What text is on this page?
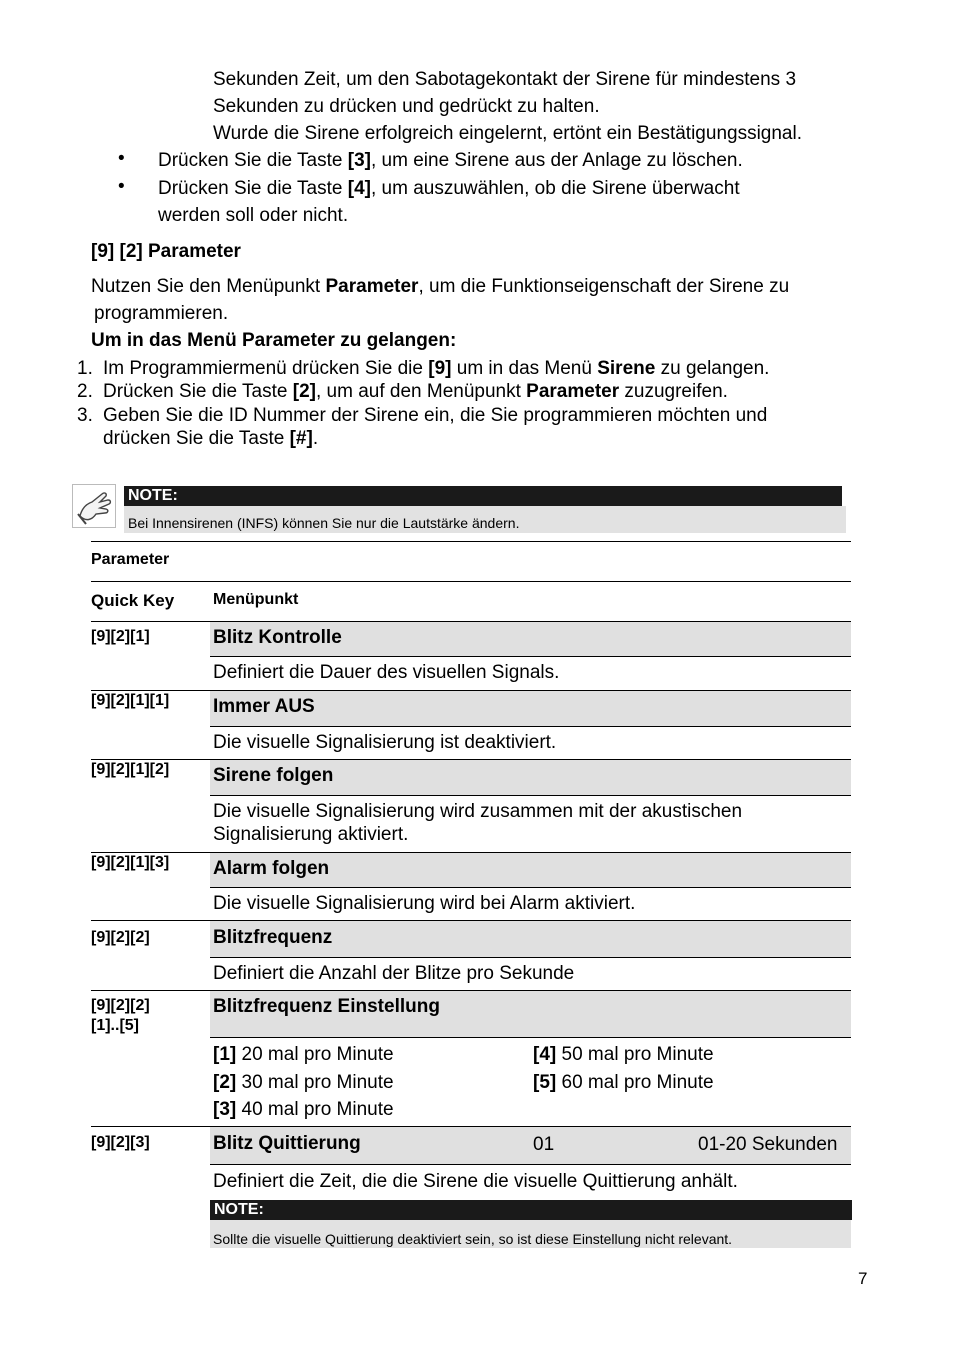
Sekunden Zeit, um den Sabotagekontakt der Sirene für mindestens 3
Sekunden zu drücken und gedrückt zu halten.
Wurde die Sirene erfolgreich eingelernt, ertönt ein Bestätigungssignal.
• Drücken Sie die Taste [3], um eine Sirene aus der Anlage zu löschen.
• Drücken Sie die Taste [4], um auszuwählen, ob die Sirene überwacht
werden soll oder nicht.
[9] [2] Parameter
Nutzen Sie den Menüpunkt Parameter, um die Funktionseigenschaft der Sirene zu
programmieren.
Um in das Menü Parameter zu gelangen:
1. Im Programmiermenü drücken Sie die [9] um in das Menü Sirene zu gelangen.
2. Drücken Sie die Taste [2], um auf den Menüpunkt Parameter zuzugreifen.
3. Geben Sie die ID Nummer der Sirene ein, die Sie programmieren möchten und
drücken Sie die Taste [#].
NOTE:
Bei Innensirenen (INFS) können Sie nur die Lautstärke ändern.
Parameter
Quick Key Menüpunkt
[9][2][1]	Blitz Kontrolle
Definiert die Dauer des visuellen Signals.
[9][2][1][1] Immer AUS
Die visuelle Signalisierung ist deaktiviert.
[9][2][1][2] Sirene folgen
Die visuelle Signalisierung wird zusammen mit der akustischen
Signalisierung aktiviert.
[9][2][1][3] Alarm folgen
Die visuelle Signalisierung wird bei Alarm aktiviert.
[9][2][2]	Blitzfrequenz
Definiert die Anzahl der Blitze pro Sekunde
[9][2][2]
[1]..[5]
Blitzfrequenz Einstellung
[1] 20 mal pro Minute
[2] 30 mal pro Minute
[3] 40 mal pro Minute
[4] 50 mal pro Minute
[5] 60 mal pro Minute
[9][2][3]	Blitz Quittierung	01	01-20 Sekunden
Definiert die Zeit, die die Sirene die visuelle Quittierung anhält.
NOTE:
Sollte die visuelle Quittierung deaktiviert sein, so ist diese Einstellung nicht relevant.
7
